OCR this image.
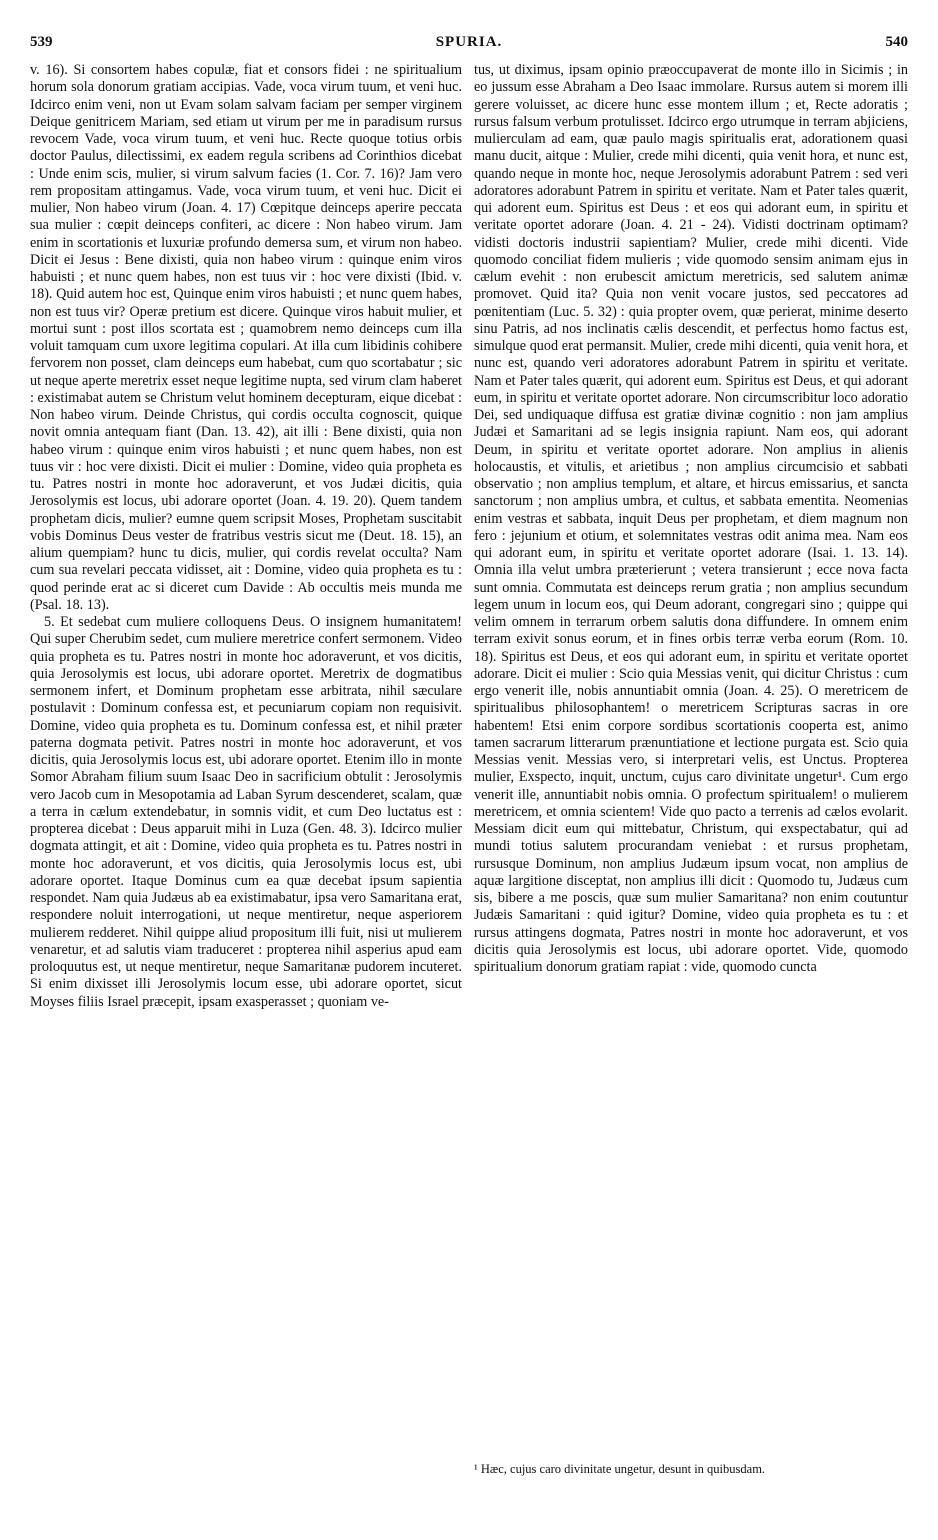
539	SPURIA.	540

v. 16). Si consortem habes copulæ, fiat et consors fidei : ne spiritualium horum sola donorum gratiam accipias. Vade, voca virum tuum, et veni huc. Idcirco enim veni, non ut Evam solam salvam faciam per semper virginem Deique genitricem Mariam, sed etiam ut virum per me in paradisum rursus revocem Vade, voca virum tuum, et veni huc. Recte quoque totius orbis doctor Paulus, dilectissimi, ex eadem regula scribens ad Corinthios dicebat : Unde enim scis, mulier, si virum salvum facies (1. Cor. 7. 16)? Jam vero rem propositam attingamus. Vade, voca virum tuum, et veni huc. Dicit ei mulier, Non habeo virum (Joan. 4. 17) Cœpitque deinceps aperire peccata sua mulier : cœpit deinceps confiteri, ac dicere : Non habeo virum. Jam enim in scortationis et luxuriæ profundo demersa sum, et virum non habeo. Dicit ei Jesus : Bene dixisti, quia non habeo virum : quinque enim viros habuisti ; et nunc quem habes, non est tuus vir : hoc vere dixisti (Ibid. v. 18). Quid autem hoc est, Quinque enim viros habuisti ; et nunc quem habes, non est tuus vir? Operæ pretium est dicere. Quinque viros habuit mulier, et mortui sunt : post illos scortata est ; quamobrem nemo deinceps cum illa voluit tamquam cum uxore legitima copulari. At illa cum libidinis cohibere fervorem non posset, clam deinceps eum habebat, cum quo scortabatur ; sic ut neque aperte meretrix esset neque legitime nupta, sed virum clam haberet : existimabat autem se Christum velut hominem decepturam, eique dicebat : Non habeo virum. Deinde Christus, qui cordis occulta cognoscit, quique novit omnia antequam fiant (Dan. 13. 42), ait illi : Bene dixisti, quia non habeo virum : quinque enim viros habuisti ; et nunc quem habes, non est tuus vir : hoc vere dixisti. Dicit ei mulier : Domine, video quia propheta es tu. Patres nostri in monte hoc adoraverunt, et vos Judæi dicitis, quia Jerosolymis est locus, ubi adorare oportet (Joan. 4. 19. 20). Quem tandem prophetam dicis, mulier? eumne quem scripsit Moses, Prophetam suscitabit vobis Dominus Deus vester de fratribus vestris sicut me (Deut. 18. 15), an alium quempiam? hunc tu dicis, mulier, qui cordis revelat occulta? Nam cum sua revelari peccata vidisset, ait : Domine, video quia propheta es tu : quod perinde erat ac si diceret cum Davide : Ab occultis meis munda me (Psal. 18. 13).

5. Et sedebat cum muliere colloquens Deus. O insignem humanitatem! Qui super Cherubim sedet, cum muliere meretrice confert sermonem. Video quia propheta es tu. Patres nostri in monte hoc adoraverunt, et vos dicitis, quia Jerosolymis est locus, ubi adorare oportet. Meretrix de dogmatibus sermonem infert, et Dominum prophetam esse arbitrata, nihil sæculare postulavit : Dominum confessa est, et pecuniarum copiam non requisivit. Domine, video quia propheta es tu. Dominum confessa est, et nihil præter paterna dogmata petivit. Patres nostri in monte hoc adoraverunt, et vos dicitis, quia Jerosolymis locus est, ubi adorare oportet. Etenim illo in monte Somor Abraham filium suum Isaac Deo in sacrificium obtulit : Jerosolymis vero Jacob cum in Mesopotamia ad Laban Syrum descenderet, scalam, quæ a terra in cælum extendebatur, in somnis vidit, et cum Deo luctatus est : propterea dicebat : Deus apparuit mihi in Luza (Gen. 48. 3). Idcirco mulier dogmata attingit, et ait : Domine, video quia propheta es tu. Patres nostri in monte hoc adoraverunt, et vos dicitis, quia Jerosolymis locus est, ubi adorare oportet. Itaque Dominus cum ea quæ decebat ipsum sapientia respondet. Nam quia Judæus ab ea existimabatur, ipsa vero Samaritana erat, respondere noluit interrogationi, ut neque mentiretur, neque asperiorem mulierem redderet. Nihil quippe aliud propositum illi fuit, nisi ut mulierem venaretur, et ad salutis viam traduceret : propterea nihil asperius apud eam proloquutus est, ut neque mentiretur, neque Samaritanæ pudorem incuteret. Si enim dixisset illi Jerosolymis locum esse, ubi adorare oportet, sicut Moyses filiis Israel præcepit, ipsam exasperasset ; quoniam ve-

tus, ut diximus, ipsam opinio præoccupaverat de monte illo in Sicimis ; in eo jussum esse Abraham a Deo Isaac immolare. Rursus autem si morem illi gerere voluisset, ac dicere hunc esse montem illum ; et, Recte adoratis ; rursus falsum verbum protulisset. Idcirco ergo utrumque in terram abjiciens, mulierculam ad eam, quæ paulo magis spiritualis erat, adorationem quasi manu ducit, aitque : Mulier, crede mihi dicenti, quia venit hora, et nunc est, quando neque in monte hoc, neque Jerosolymis adorabunt Patrem : sed veri adoratores adorabunt Patrem in spiritu et veritate. Nam et Pater tales quærit, qui adorent eum. Spiritus est Deus : et eos qui adorant eum, in spiritu et veritate oportet adorare (Joan. 4. 21 - 24). Vidisti doctrinam optimam? vidisti doctoris industrii sapientiam? Mulier, crede mihi dicenti. Vide quomodo conciliat fidem mulieris ; vide quomodo sensim animam ejus in cælum evehit : non erubescit amictum meretricis, sed salutem animæ promovet. Quid ita? Quia non venit vocare justos, sed peccatores ad pœnitentiam (Luc. 5. 32) : quia propter ovem, quæ perierat, minime deserto sinu Patris, ad nos inclinatis cælis descendit, et perfectus homo factus est, simulque quod erat permansit. Mulier, crede mihi dicenti, quia venit hora, et nunc est, quando veri adoratores adorabunt Patrem in spiritu et veritate. Nam et Pater tales quærit, qui adorent eum. Spiritus est Deus, et qui adorant eum, in spiritu et veritate oportet adorare. Non circumscribitur loco adoratio Dei, sed undiquaque diffusa est gratiæ divinæ cognitio : non jam amplius Judæi et Samaritani ad se legis insignia rapiunt. Nam eos, qui adorant Deum, in spiritu et veritate oportet adorare. Non amplius in alienis holocaustis, et vitulis, et arietibus ; non amplius circumcisio et sabbati observatio ; non amplius templum, et altare, et hircus emissarius, et sancta sanctorum ; non amplius umbra, et cultus, et sabbata ementita. Neomenias enim vestras et sabbata, inquit Deus per prophetam, et diem magnum non fero : jejunium et otium, et solemnitates vestras odit anima mea. Nam eos qui adorant eum, in spiritu et veritate oportet adorare (Isai. 1. 13. 14). Omnia illa velut umbra præterierunt ; vetera transierunt ; ecce nova facta sunt omnia. Commutata est deinceps rerum gratia ; non amplius secundum legem unum in locum eos, qui Deum adorant, congregari sino ; quippe qui velim omnem in terrarum orbem salutis dona diffundere. In omnem enim terram exivit sonus eorum, et in fines orbis terræ verba eorum (Rom. 10. 18). Spiritus est Deus, et eos qui adorant eum, in spiritu et veritate oportet adorare. Dicit ei mulier : Scio quia Messias venit, qui dicitur Christus : cum ergo venerit ille, nobis annuntiabit omnia (Joan. 4. 25). O meretricem de spiritualibus philosophantem! o meretricem Scripturas sacras in ore habentem! Etsi enim corpore sordibus scortationis cooperta est, animo tamen sacrarum litterarum prænuntiatione et lectione purgata est. Scio quia Messias venit. Messias vero, si interpretari velis, est Unctus. Propterea mulier, Exspecto, inquit, unctum, cujus caro divinitate ungetur¹. Cum ergo venerit ille, annuntiabit nobis omnia. O profectum spiritualem! o mulierem meretricem, et omnia scientem! Vide quo pacto a terrenis ad cælos evolarit. Messiam dicit eum qui mittebatur, Christum, qui exspectabatur, qui ad mundi totius salutem procurandam veniebat : et rursus prophetam, rursusque Dominum, non amplius Judæum ipsum vocat, non amplius de aquæ largitione disceptat, non amplius illi dicit : Quomodo tu, Judæus cum sis, bibere a me poscis, quæ sum mulier Samaritana? non enim coutuntur Judæis Samaritani : quid igitur? Domine, video quia propheta es tu : et rursus attingens dogmata, Patres nostri in monte hoc adoraverunt, et vos dicitis quia Jerosolymis est locus, ubi adorare oportet. Vide, quomodo spiritualium donorum gratiam rapiat : vide, quomodo cuncta

¹ Hæc, cujus caro divinitate ungetur, desunt in quibusdam.
